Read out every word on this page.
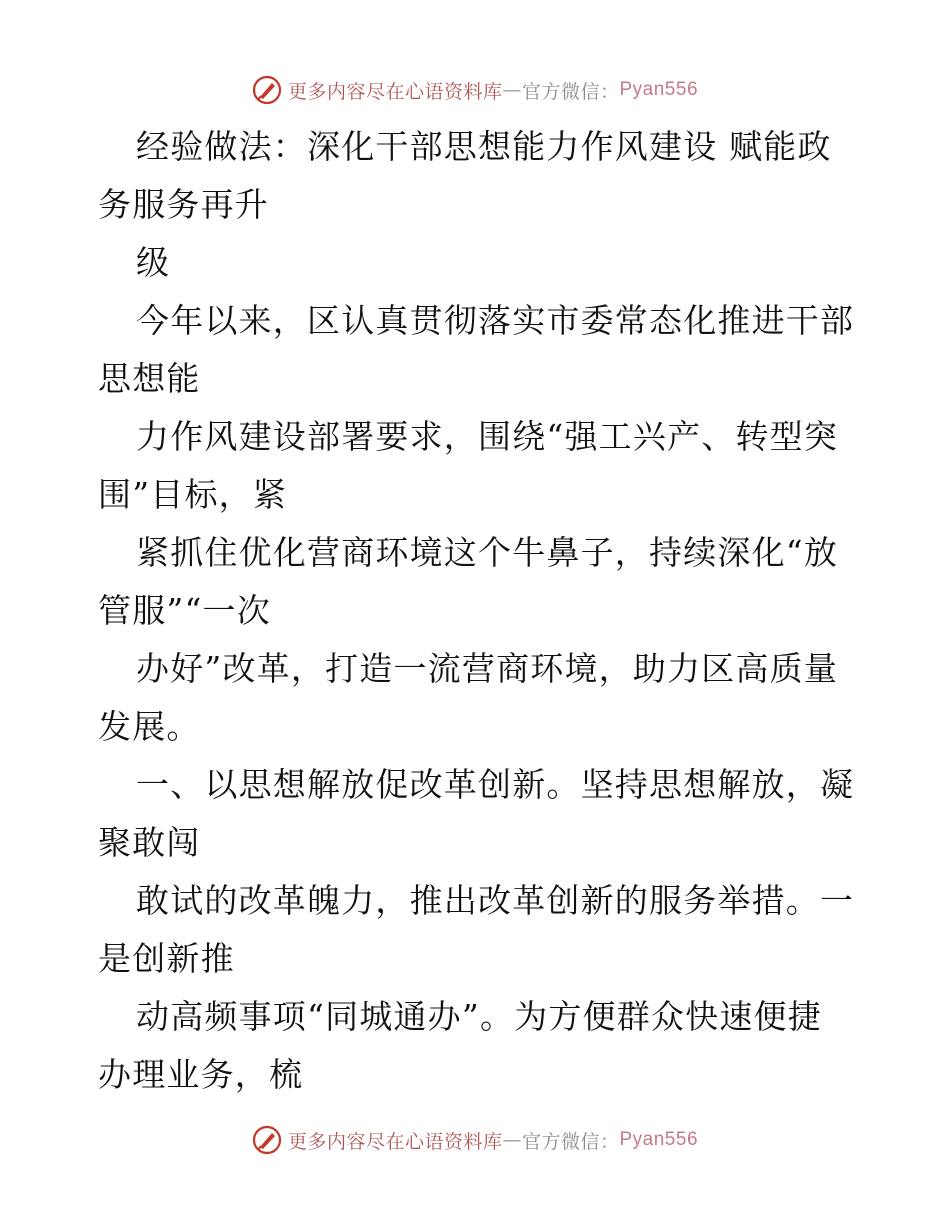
更多内容尽在心语资料库 — 官方微信： Pyan556
经验做法：深化干部思想能力作风建设 赋能政
务服务再升
级
今年以来，区认真贯彻落实市委常态化推进干部
思想能
力作风建设部署要求，围绕“强工兴产、转型突
围”目标，紧
紧抓住优化营商环境这个牛鼻子，持续深化“放
管服”“一次
办好”改革，打造一流营商环境，助力区高质量
发展。
一、以思想解放促改革创新。坚持思想解放，凝
聚敢闯
敢试的改革魄力，推出改革创新的服务举措。一
是创新推
动高频事项“同城通办”。为方便群众快速便捷
办理业务，梳
更多内容尽在心语资料库 — 官方微信： Pyan556
